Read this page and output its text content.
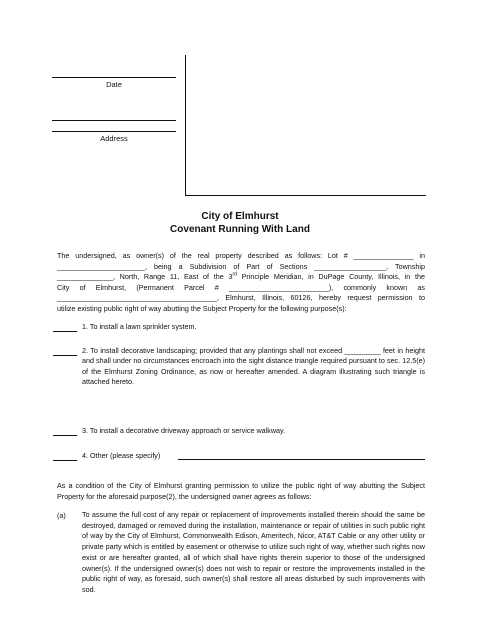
Date
Address
City of Elmhurst
Covenant Running With Land
The undersigned, as owner(s) of the real property described as follows: Lot # _______________ in
______________________, being a Subdivision of Part of Sections __________________, Township
______________, North, Range 11, East of the 3rd Principle Meridian, in DuPage County, Illinois, in the
City of Elmhurst, (Permanent Parcel # _________________________), commonly known as
________________________________________, Elmhurst, Illinois, 60126, hereby request permission to
utilize existing public right of way abutting the Subject Property for the following purpose(s):
1. To install a lawn sprinkler system.
2. To install decorative landscaping; provided that any plantings shall not exceed _________ feet in height and shall under no circumstances encroach into the sight distance triangle required pursuant to sec. 12.5(e) of the Elmhurst Zoning Ordinance, as now or hereafter amended. A diagram illustrating such triangle is attached hereto.
3. To install a decorative driveway approach or service walkway.
4. Other (please specify)
As a condition of the City of Elmhurst granting permission to utilize the public right of way abutting the Subject Property for the aforesaid purpose(2), the undersigned owner agrees as follows:
(a) To assume the full cost of any repair or replacement of improvements installed therein should the same be destroyed, damaged or removed during the installation, maintenance or repair of utilities in such public right of way by the City of Elmhurst, Commonwealth Edison, Ameritech, Nicor, AT&T Cable or any other utility or private party which is entitled by easement or otherwise to utilize such right of way, whether such rights now exist or are hereafter granted, all of which shall have rights therein superior to those of the undersigned owner(s). If the undersigned owner(s) does not wish to repair or restore the improvements installed in the public right of way, as foresaid, such owner(s) shall restore all areas disturbed by such improvements with sod.
